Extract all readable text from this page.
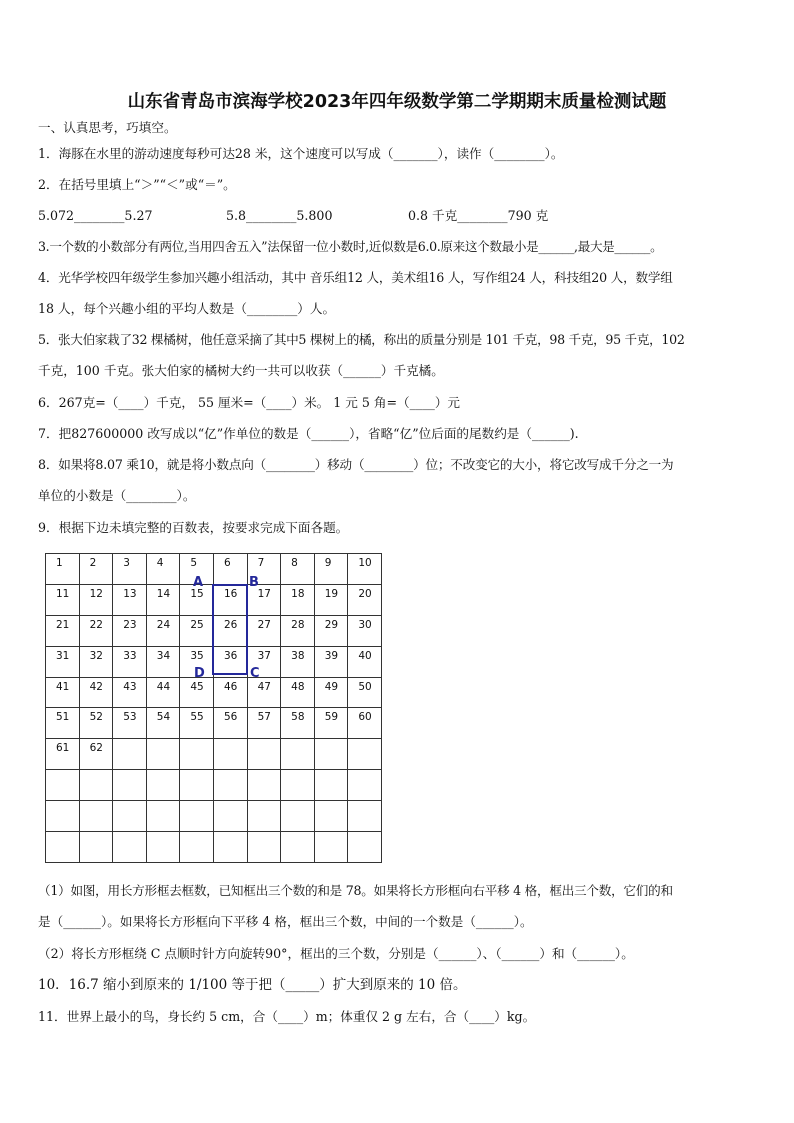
山东省青岛市滨海学校2023年四年级数学第二学期期末质量检测试题
一、认真思考，巧填空。
1．海豚在水里的游动速度每秒可达28 米，这个速度可以写成（_______），读作（________）。
2．在括号里填上“＞”“＜”或“＝”。
5.072________5.27	5.8________5.800	0.8 千克________790 克
3.一个数的小数部分有两位,当用四舍五入”法保留一位小数时,近似数是6.0.原来这个数最小是______,最大是______。
4．光华学校四年级学生参加兴趣小组活动，其中 音乐组12 人，美术组16 人，写作组24 人，科技组20 人，数学组
18 人，每个兴趣小组的平均人数是（________）人。
5．张大伯家栽了32 棵橘树，他任意采摘了其中5 棵树上的橘，称出的质量分别是 101 千克，98 千克，95 千克，102
千克，100 千克。张大伯家的橘树大约一共可以收获（______）千克橘。
6．267克=（____）千克， 55 厘米=（____）米。 1 元 5 角=（____）元
7．把827600000 改写成以“亿”作单位的数是（______），省略“亿”位后面的尾数约是（______).
8．如果将8.07 乘10，就是将小数点向（________）移动（________）位；不改变它的大小，将它改写成千分之一为
单位的小数是（________）。
9．根据下边未填完整的百数表，按要求完成下面各题。
1	2	3	4	5	6	7	8	9	10

11	12	13	14	15	16	17	18	19	20

21	22	23	24	25	26	27	28	29	30

31	32	33	34	35	36	37	38	39	40

41	42	43	44	45	46	47	48	49	50

51	52	53	54	55	56	57	58	59	60

61	62								

A	B
D	C
（1）如图，用长方形框去框数，已知框出三个数的和是 78。如果将长方形框向右平移 4 格，框出三个数，它们的和
是（______）。如果将长方形框向下平移 4 格，框出三个数，中间的一个数是（______）。
（2）将长方形框绕 C 点顺时针方向旋转90°，框出的三个数，分别是（______）、（______）和（______）。
10．16.7 缩小到原来的 1/100 等于把（_____）扩大到原来的 10 倍。
11．世界上最小的鸟，身长约 5 cm，合（____）m；体重仅 2 g 左右，合（____）kg。
